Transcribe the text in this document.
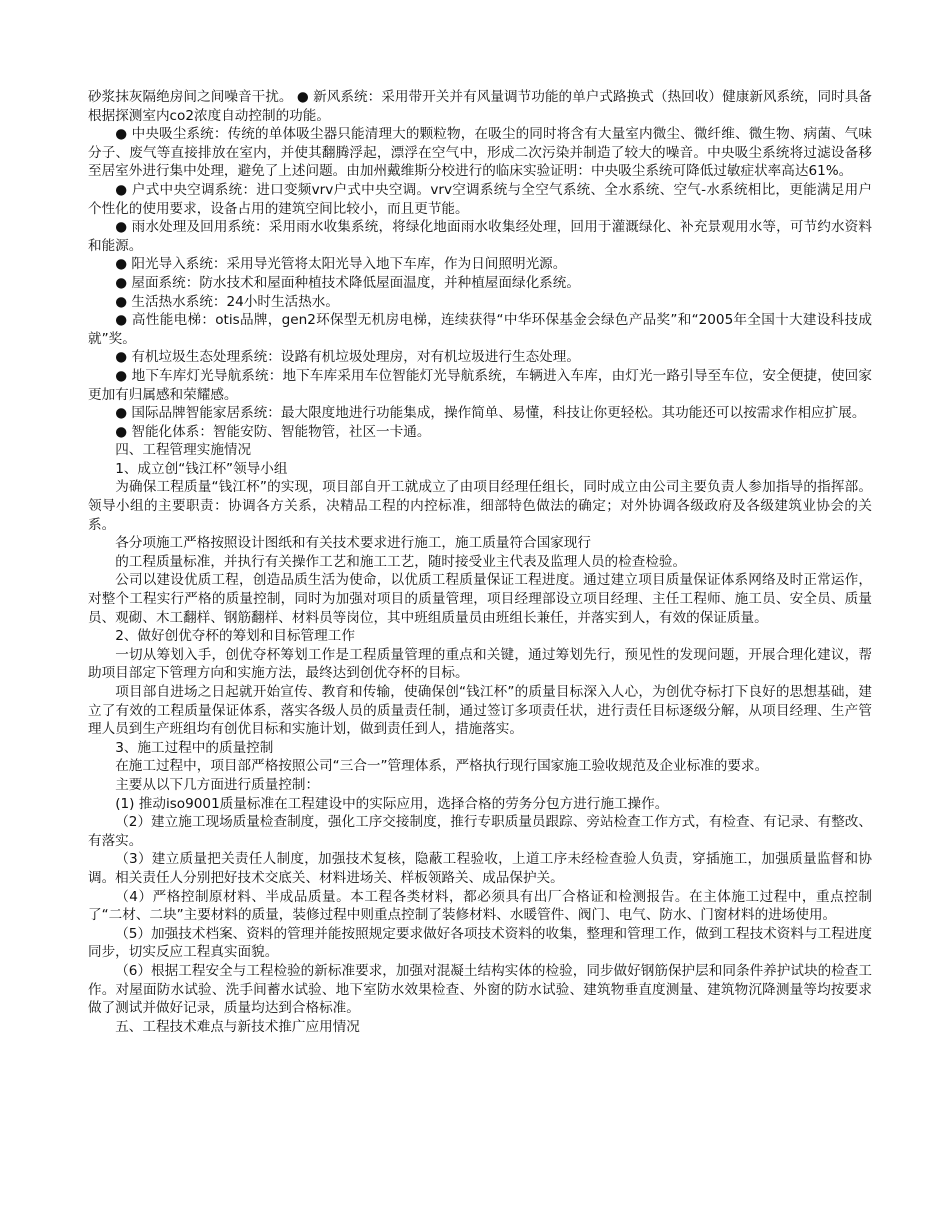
砂浆抹灰隔绝房间之间噪音干扰。 ● 新风系统：采用带开关并有风量调节功能的单户式路换式（热回收）健康新风系统，同时具备根据探测室内co2浓度自动控制的功能。

● 中央吸尘系统：传统的单体吸尘器只能清理大的颗粒物，在吸尘的同时将含有大量室内微尘、微纤维、微生物、病菌、气味分子、废气等直接排放在室内，并使其翻腾浮起，漂浮在空气中，形成二次污染并制造了较大的噪音。中央吸尘系统将过滤设备移至居室外进行集中处理，避免了上述问题。由加州戴维斯分校进行的临床实验证明：中央吸尘系统可降低过敏症状率高达61%。

● 户式中央空调系统：进口变频vrv户式中央空调。vrv空调系统与全空气系统、全水系统、空气-水系统相比，更能满足用户个性化的使用要求，设备占用的建筑空间比较小，而且更节能。

● 雨水处理及回用系统：采用雨水收集系统，将绿化地面雨水收集经处理，回用于灌溉绿化、补充景观用水等，可节约水资料和能源。

● 阳光导入系统：采用导光管将太阳光导入地下车库，作为日间照明光源。

● 屋面系统：防水技术和屋面种植技术降低屋面温度，并种植屋面绿化系统。

● 生活热水系统：24小时生活热水。

● 高性能电梯：otis品牌，gen2环保型无机房电梯，连续获得“中华环保基金会绿色产品奖”和“2005年全国十大建设科技成就”奖。

● 有机垃圾生态处理系统：设路有机垃圾处理房，对有机垃圾进行生态处理。

● 地下车库灯光导航系统：地下车库采用车位智能灯光导航系统，车辆进入车库，由灯光一路引导至车位，安全便捷，使回家更加有归属感和荣耀感。

● 国际品牌智能家居系统：最大限度地进行功能集成，操作简单、易懂，科技让你更轻松。其功能还可以按需求作相应扩展。

● 智能化体系：智能安防、智能物管，社区一卡通。

四、工程管理实施情况

1、成立创“钱江杯”领导小组

为确保工程质量“钱江杯”的实现，项目部自开工就成立了由项目经理任组长，同时成立由公司主要负责人参加指导的指挥部。领导小组的主要职责：协调各方关系，决精品工程的内控标准，细部特色做法的确定；对外协调各级政府及各级建筑业协会的关系。

各分项施工严格按照设计图纸和有关技术要求进行施工，施工质量符合国家现行

的工程质量标准，并执行有关操作工艺和施工工艺，随时接受业主代表及监理人员的检查检验。

公司以建设优质工程，创造品质生活为使命，以优质工程质量保证工程进度。通过建立项目质量保证体系网络及时正常运作，对整个工程实行严格的质量控制，同时为加强对项目的质量管理，项目经理部设立项目经理、主任工程师、施工员、安全员、质量员、观砌、木工翻样、钢筋翻样、材料员等岗位，其中班组质量员由班组长兼任，并落实到人，有效的保证质量。

2、做好创优夺杯的筹划和目标管理工作

一切从筹划入手，创优夺杯筹划工作是工程质量管理的重点和关键，通过筹划先行，预见性的发现问题，开展合理化建议，帮助项目部定下管理方向和实施方法，最终达到创优夺杯的目标。

项目部自进场之日起就开始宣传、教育和传输，使确保创“钱江杯”的质量目标深入人心，为创优夺标打下良好的思想基础，建立了有效的工程质量保证体系，落实各级人员的质量责任制，通过签订多项责任状，进行责任目标逐级分解，从项目经理、生产管理人员到生产班组均有创优目标和实施计划，做到责任到人，措施落实。

3、施工过程中的质量控制

在施工过程中，项目部严格按照公司“三合一”管理体系，严格执行现行国家施工验收规范及企业标准的要求。

主要从以下几方面进行质量控制：

(1) 推动iso9001质量标准在工程建设中的实际应用，选择合格的劳务分包方进行施工操作。

（2）建立施工现场质量检查制度，强化工序交接制度，推行专职质量员跟踪、旁站检查工作方式，有检查、有记录、有整改、有落实。

（3）建立质量把关责任人制度，加强技术复核，隐蔽工程验收，上道工序未经检查验人负责，穿插施工，加强质量监督和协调。相关责任人分别把好技术交底关、材料进场关、样板领路关、成品保护关。

（4）严格控制原材料、半成品质量。本工程各类材料，都必须具有出厂合格证和检测报告。在主体施工过程中，重点控制了“二材、二块”主要材料的质量，装修过程中则重点控制了装修材料、水暖管件、阀门、电气、防水、门窗材料的进场使用。

（5）加强技术档案、资料的管理并能按照规定要求做好各项技术资料的收集，整理和管理工作，做到工程技术资料与工程进度同步，切实反应工程真实面貌。

（6）根据工程安全与工程检验的新标准要求，加强对混凝土结构实体的检验，同步做好钢筋保护层和同条件养护试块的检查工作。对屋面防水试验、洗手间蓄水试验、地下室防水效果检查、外窗的防水试验、建筑物垂直度测量、建筑物沉降测量等均按要求做了测试并做好记录，质量均达到合格标准。

五、工程技术难点与新技术推广应用情况
